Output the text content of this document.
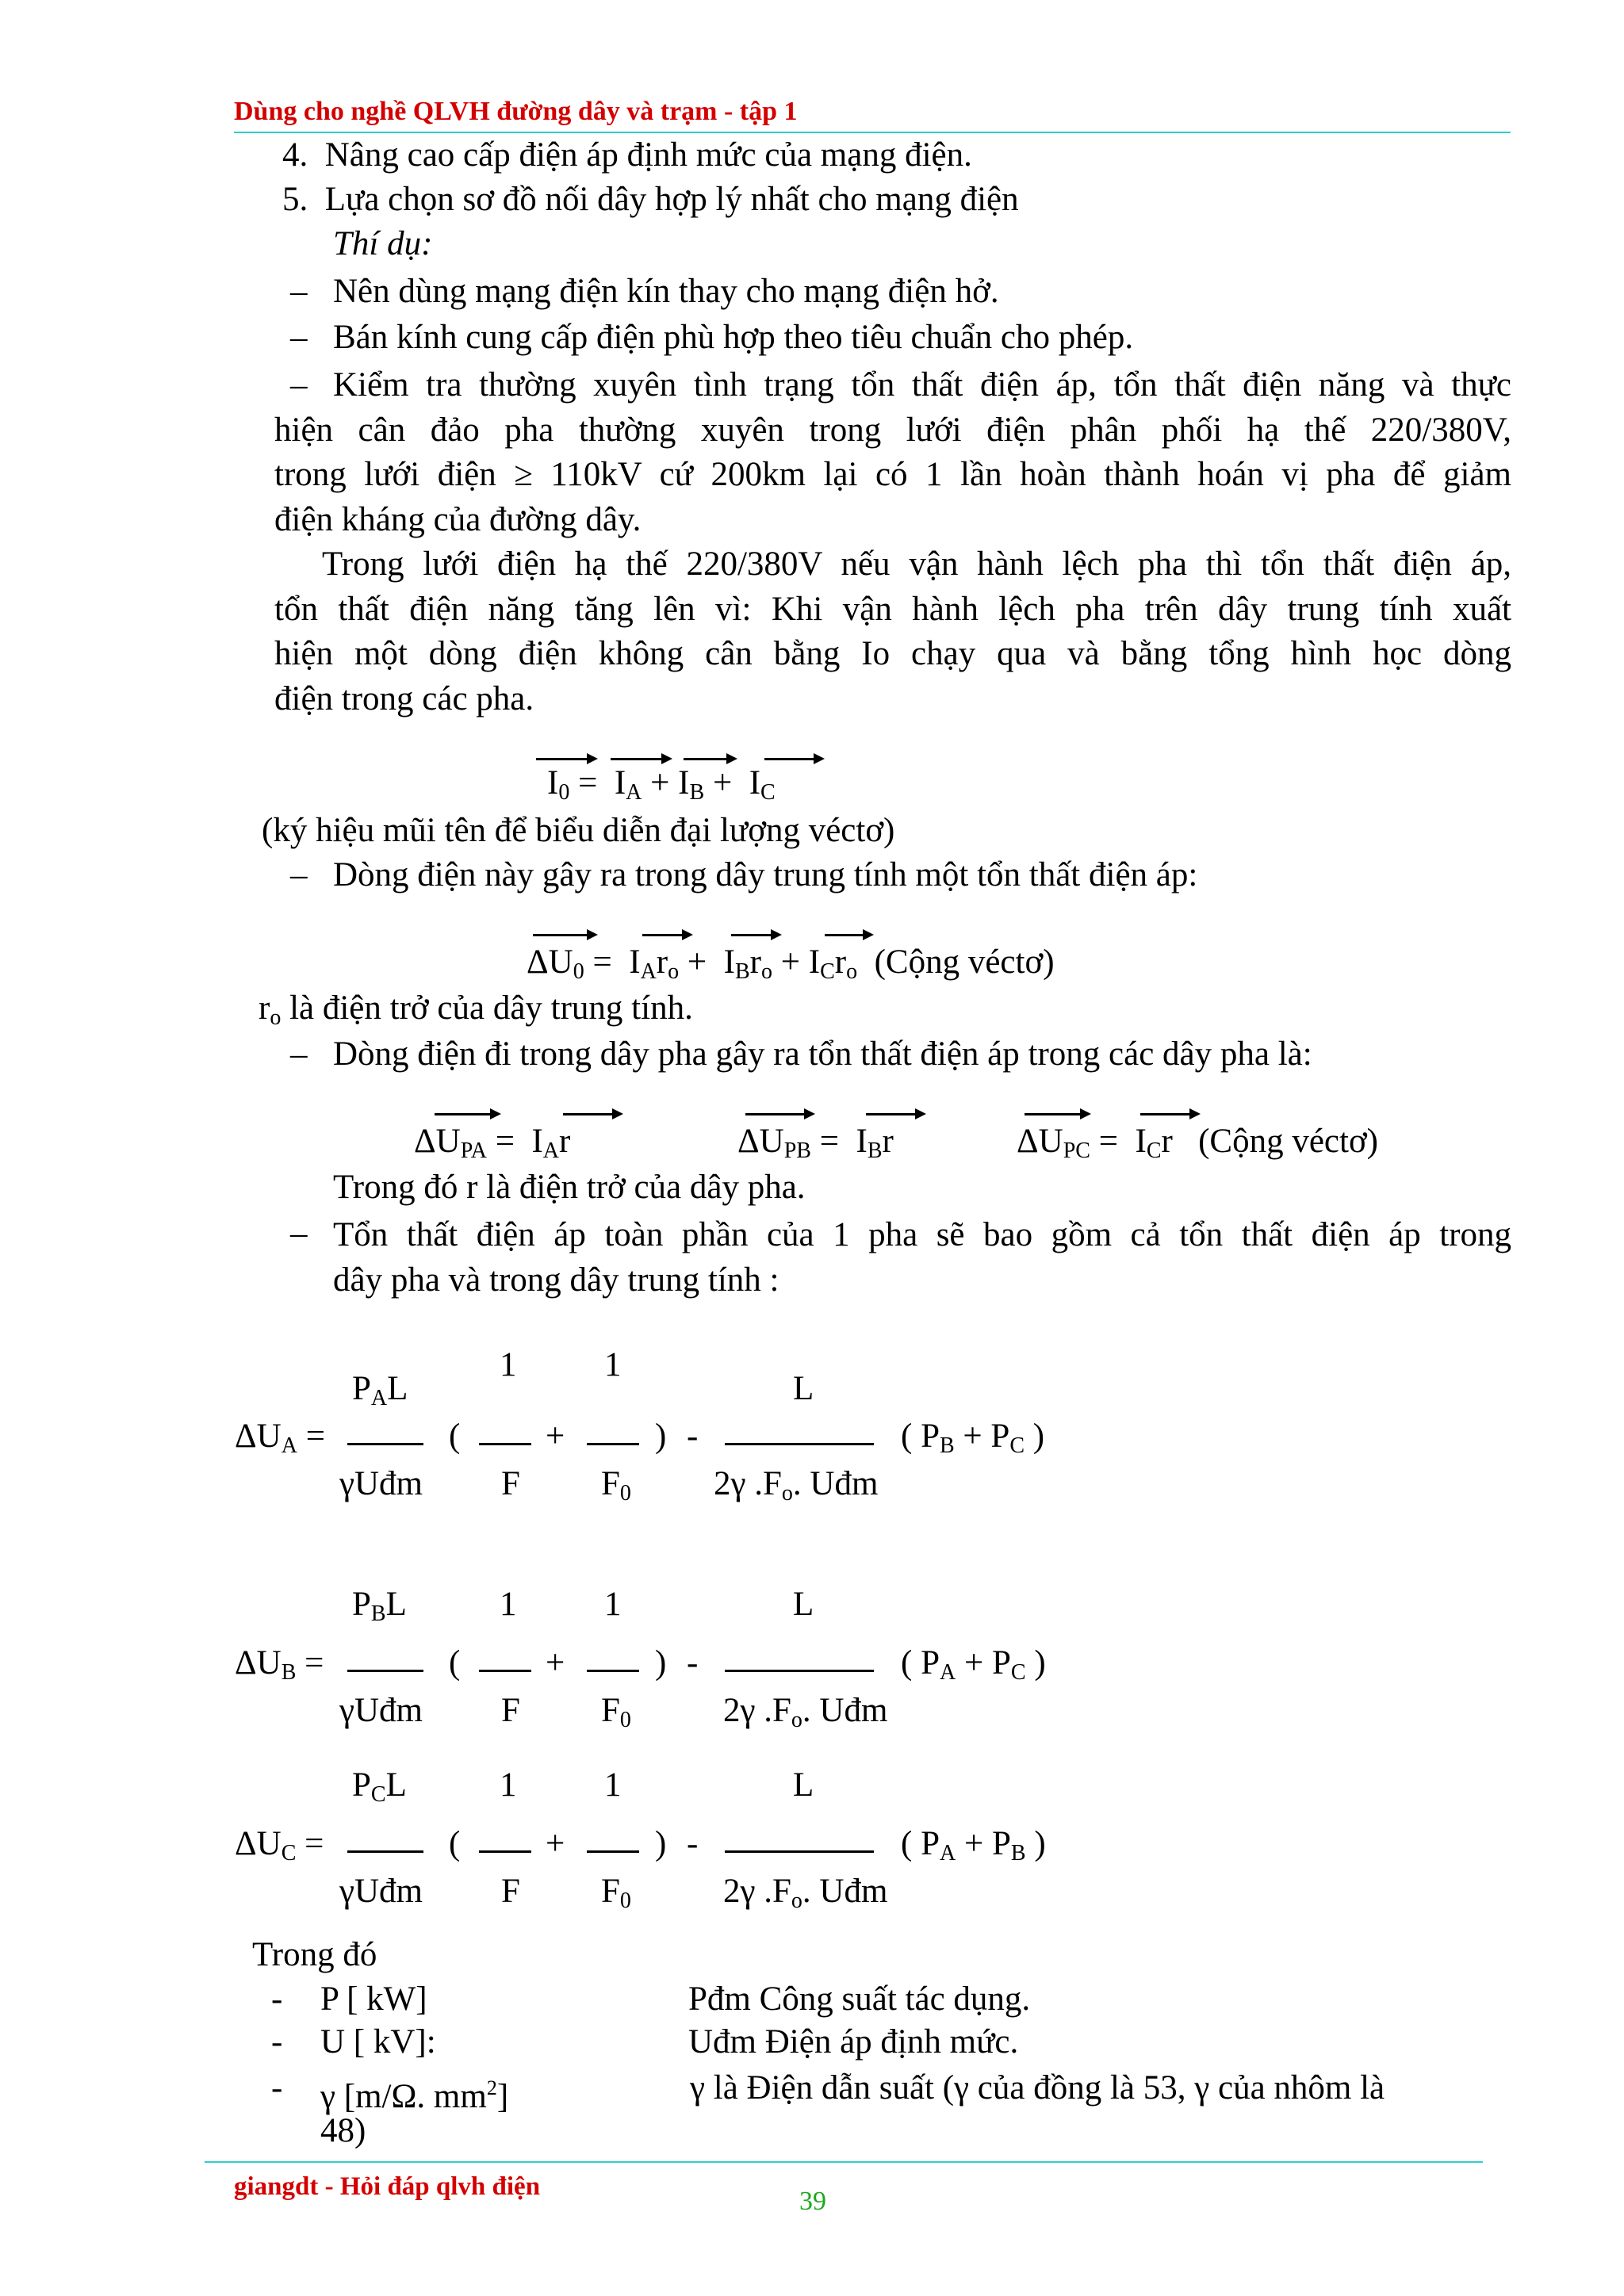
Dùng cho nghề QLVH đường dây và trạm - tập 1
4. Nâng cao cấp điện áp định mức của mạng điện.
5. Lựa chọn sơ đồ nối dây hợp lý nhất cho mạng điện
Thí dụ:
– Nên dùng mạng điện kín thay cho mạng điện hở.
– Bán kính cung cấp điện phù hợp theo tiêu chuẩn cho phép.
– Kiểm tra thường xuyên tình trạng tổn thất điện áp, tổn thất điện năng và thực
hiện cân đảo pha thường xuyên trong lưới điện phân phối hạ thế 220/380V,
trong lưới điện ≥ 110kV cứ 200km lại có 1 lần hoàn thành hoán vị pha để giảm
điện kháng của đường dây.
Trong lưới điện hạ thế 220/380V nếu vận hành lệch pha thì tổn thất điện áp,
tổn thất điện năng tăng lên vì: Khi vận hành lệch pha trên dây trung tính xuất
hiện một dòng điện không cân bằng Io chạy qua và bằng tổng hình học dòng
điện trong các pha.
$I_0 = I_A + I_B + I_C$
(ký hiệu mũi tên để biểu diễn đại lượng véctơ)
– Dòng điện này gây ra trong dây trung tính một tổn thất điện áp:
$\Delta U_0 = I_Ar_o + I_Br_o + I_Cr_o$ (Cộng véctơ)
$r_o$ là điện trở của dây trung tính.
– Dòng điện đi trong dây pha gây ra tổn thất điện áp trong các dây pha là:
$\Delta U_{PA} = I_Ar$	$\Delta U_{PB} = I_Br$	$\Delta U_{PC} = I_Cr$ (Cộng véctơ)
Trong đó r là điện trở của dây pha.
– Tổn thất điện áp toàn phần của 1 pha sẽ bao gồm cả tổn thất điện áp trong
dây pha và trong dây trung tính :
$\Delta U_A$ =
$P_AL$
γUđm
(
1
F
+
1
$F_0$
) -
L
2γ $.F_o$. Uđm
( $P_B + P_C$ )
$\Delta U_B$ =
$P_BL$
γUđm
(
1
F
+
1
$F_0$
) -
L
2γ $.F_o$. Uđm
( $P_A + P_C$ )
$\Delta U_C$ =
$P_CL$
γUđm
(
1
F
+
1
$F_0$
) -
L
2γ $.F_o$. Uđm
( $P_A + P_B$ )
Trong đó
- P [ kW]	Pđm Công suất tác dụng.
- U [ kV]:	Uđm Điện áp định mức.
- γ [m/Ω. $mm^2$]	γ là Điện dẫn suất (γ của đồng là 53, γ của nhôm là
48)
giangdt - Hỏi đáp qlvh điện	39
